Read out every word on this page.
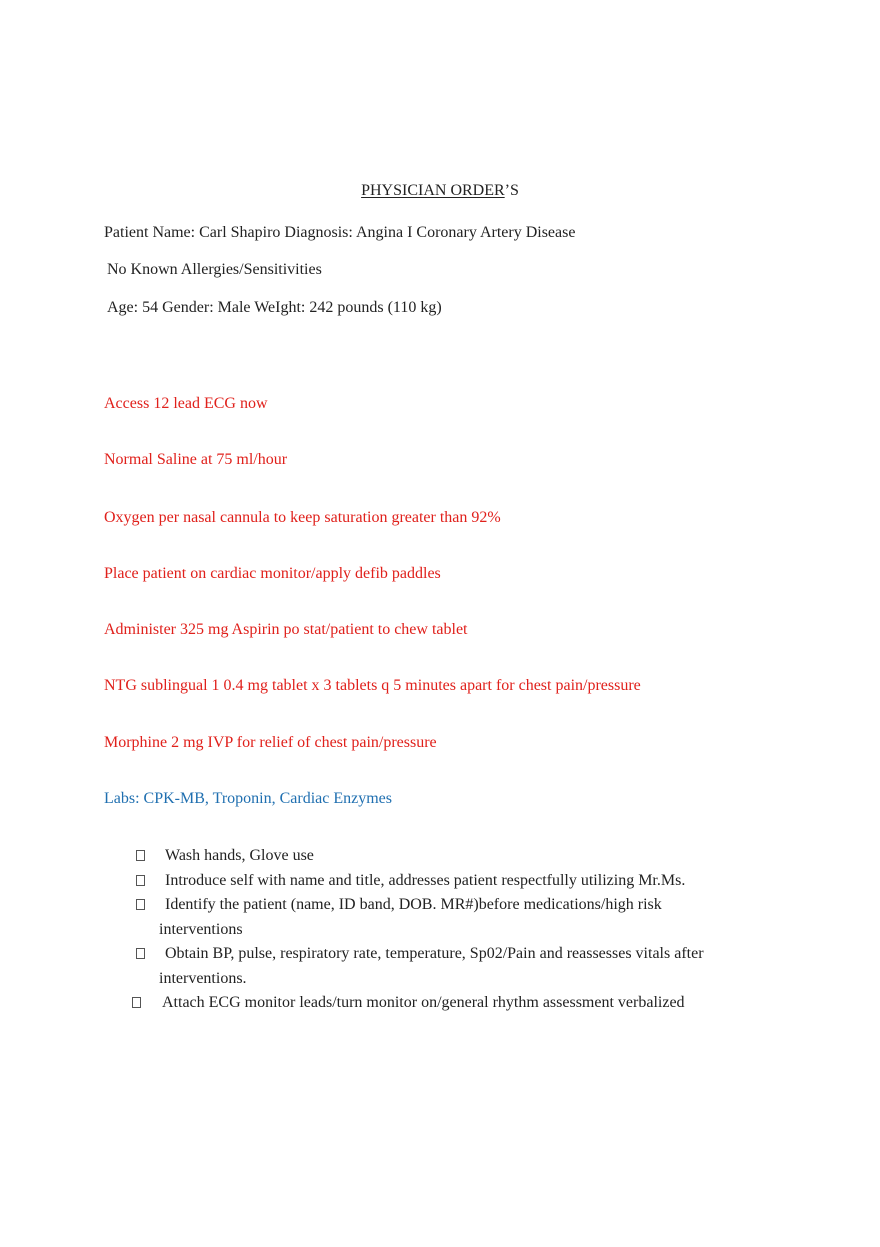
PHYSICIAN ORDER’S
Patient Name: Carl Shapiro Diagnosis: Angina I Coronary Artery Disease
No Known Allergies/Sensitivities
Age: 54 Gender: Male WeIght: 242 pounds (110 kg)
Access 12 lead ECG now
Normal Saline at 75 ml/hour
Oxygen per nasal cannula to keep saturation greater than 92%
Place patient on cardiac monitor/apply defib paddles
Administer 325 mg Aspirin po stat/patient to chew tablet
NTG sublingual 1 0.4 mg tablet x 3 tablets q 5 minutes apart for chest pain/pressure
Morphine 2 mg IVP for relief of chest pain/pressure
Labs: CPK-MB, Troponin, Cardiac Enzymes
Wash hands, Glove use
Introduce self with name and title, addresses patient respectfully utilizing Mr.Ms.
Identify the patient (name, ID band, DOB. MR#)before medications/high risk
interventions
Obtain BP, pulse, respiratory rate, temperature, Sp02/Pain and reassesses vitals after
interventions.
Attach ECG monitor leads/turn monitor on/general rhythm assessment verbalized
